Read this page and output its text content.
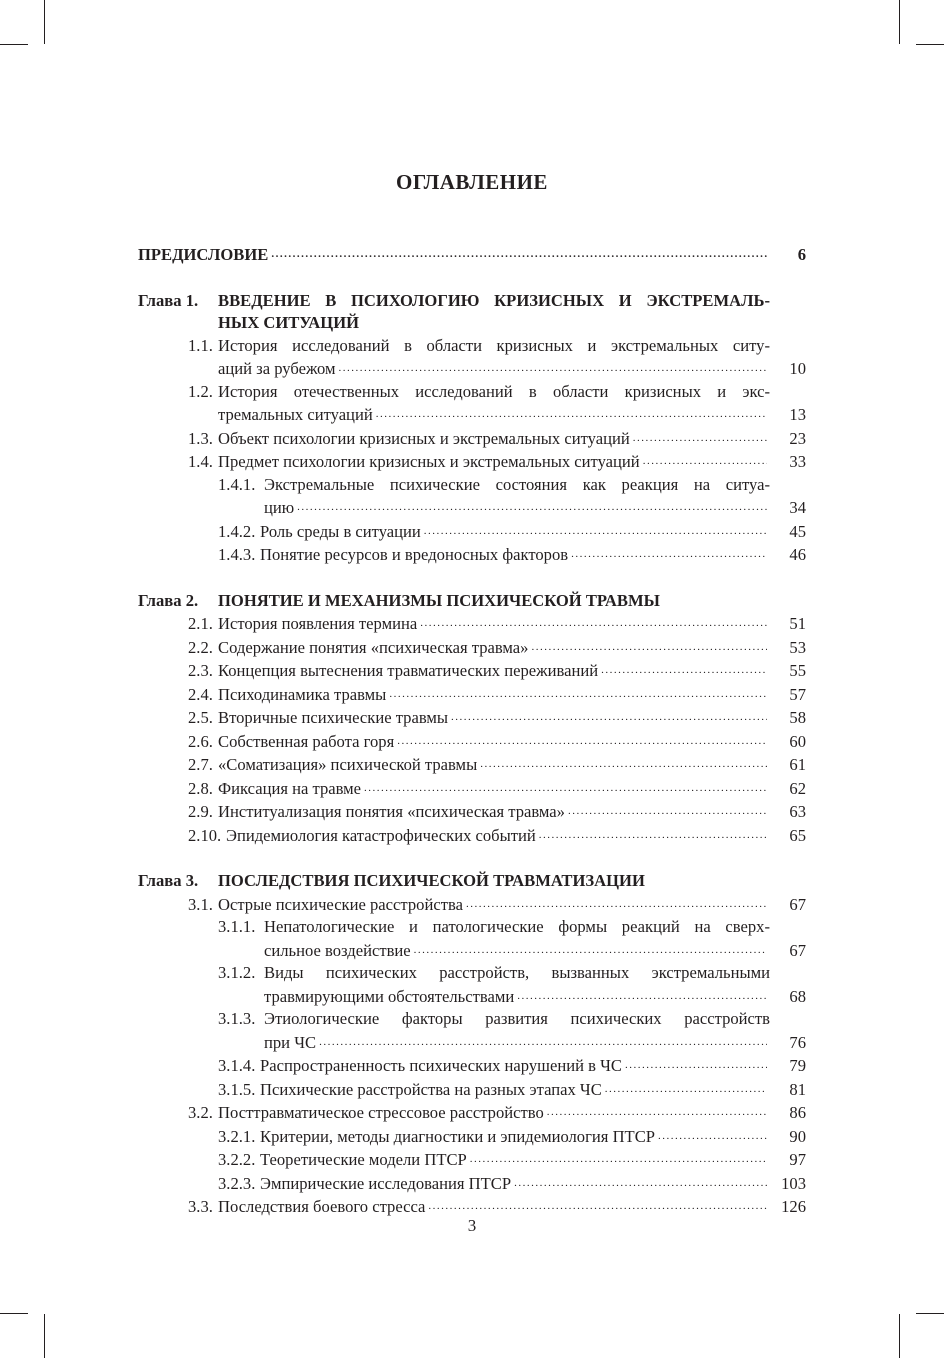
ОГЛАВЛЕНИЕ
ПРЕДИСЛОВИЕ .....	6
Глава 1.	ВВЕДЕНИЕ В ПСИХОЛОГИЮ КРИЗИСНЫХ И ЭКСТРЕМАЛЬ-
НЫХ СИТУАЦИЙ
1.1. История исследований в области кризисных и экстремальных ситу-
аций за рубежом .....	10
1.2. История отечественных исследований в области кризисных и экс-
тремальных ситуаций .....	13
1.3. Объект психологии кризисных и экстремальных ситуаций .....	23
1.4. Предмет психологии кризисных и экстремальных ситуаций .....	33
1.4.1. Экстремальные психические состояния как реакция на ситуа-
цию .....	34
1.4.2. Роль среды в ситуации .....	45
1.4.3. Понятие ресурсов и вредоносных факторов .....	46
Глава 2.	ПОНЯТИЕ И МЕХАНИЗМЫ ПСИХИЧЕСКОЙ ТРАВМЫ
2.1. История появления термина .....	51
2.2. Содержание понятия «психическая травма» .....	53
2.3. Концепция вытеснения травматических переживаний .....	55
2.4. Психодинамика травмы .....	57
2.5. Вторичные психические травмы .....	58
2.6. Собственная работа горя .....	60
2.7. «Соматизация» психической травмы .....	61
2.8. Фиксация на травме .....	62
2.9. Институализация понятия «психическая травма» .....	63
2.10. Эпидемиология катастрофических событий .....	65
Глава 3.	ПОСЛЕДСТВИЯ ПСИХИЧЕСКОЙ ТРАВМАТИЗАЦИИ
3.1. Острые психические расстройства .....	67
3.1.1. Непатологические и патологические формы реакций на сверх-
сильное воздействие .....	67
3.1.2. Виды психических расстройств, вызванных экстремальными
травмирующими обстоятельствами .....	68
3.1.3. Этиологические факторы развития психических расстройств
при ЧС .....	76
3.1.4. Распространенность психических нарушений в ЧС .....	79
3.1.5. Психические расстройства на разных этапах ЧС .....	81
3.2. Посттравматическое стрессовое расстройство .....	86
3.2.1. Критерии, методы диагностики и эпидемиология ПТСР .....	90
3.2.2. Теоретические модели ПТСР .....	97
3.2.3. Эмпирические исследования ПТСР .....	103
3.3. Последствия боевого стресса .....	126
3
